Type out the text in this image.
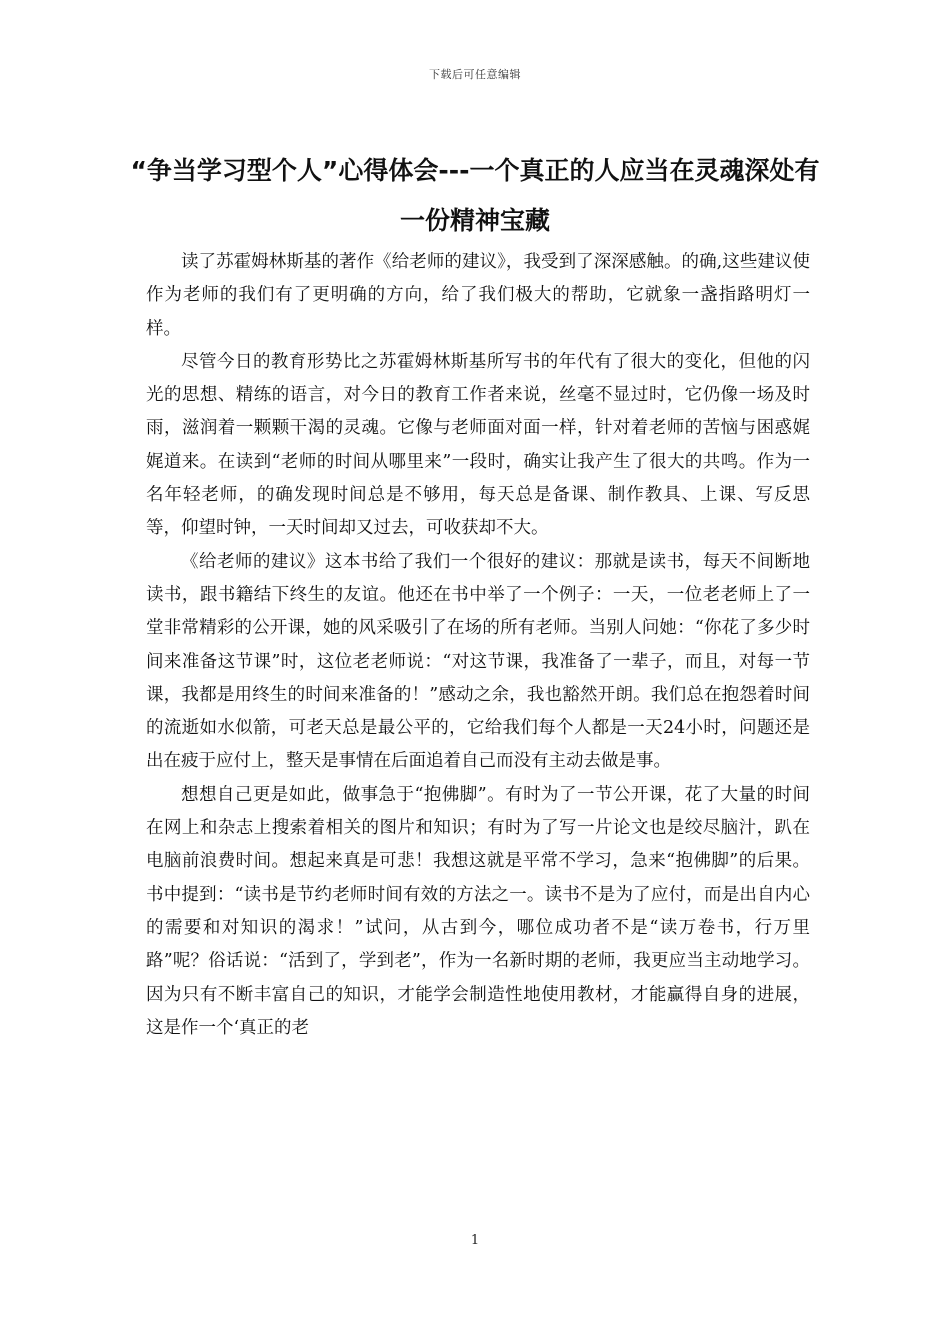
下载后可任意编辑
“争当学习型个人”心得体会---一个真正的人应当在灵魂深处有一份精神宝藏

读了苏霍姆林斯基的著作《给老师的建议》，我受到了深深感触。的确,这些建议使作为老师的我们有了更明确的方向，给了我们极大的帮助，它就象一盏指路明灯一样。

尽管今日的教育形势比之苏霍姆林斯基所写书的年代有了很大的变化，但他的闪光的思想、精练的语言，对今日的教育工作者来说，丝毫不显过时，它仍像一场及时雨，滋润着一颗颗干渴的灵魂。它像与老师面对面一样，针对着老师的苦恼与困惑娓娓道来。在读到“老师的时间从哪里来”一段时，确实让我产生了很大的共鸣。作为一名年轻老师，的确发现时间总是不够用，每天总是备课、制作教具、上课、写反思等，仰望时钟，一天时间却又过去，可收获却不大。

《给老师的建议》这本书给了我们一个很好的建议：那就是读书，每天不间断地读书，跟书籍结下终生的友谊。他还在书中举了一个例子：一天，一位老老师上了一堂非常精彩的公开课，她的风采吸引了在场的所有老师。当别人问她：“你花了多少时间来准备这节课”时，这位老老师说：“对这节课，我准备了一辈子，而且，对每一节课，我都是用终生的时间来准备的！”感动之余，我也豁然开朗。我们总在抱怨着时间的流逝如水似箭，可老天总是最公平的，它给我们每个人都是一天24小时，问题还是出在疲于应付上，整天是事情在后面追着自己而没有主动去做是事。

想想自己更是如此，做事急于“抱佛脚”。有时为了一节公开课，花了大量的时间在网上和杂志上搜索着相关的图片和知识；有时为了写一片论文也是绞尽脑汁，趴在电脑前浪费时间。想起来真是可悲！我想这就是平常不学习，急来“抱佛脚”的后果。书中提到：“读书是节约老师时间有效的方法之一。读书不是为了应付，而是出自内心的需要和对知识的渴求！”试问，从古到今，哪位成功者不是“读万卷书，行万里路”呢？俗话说：“活到了，学到老”，作为一名新时期的老师，我更应当主动地学习。因为只有不断丰富自己的知识，才能学会制造性地使用教材，才能赢得自身的进展，这是作一个‘真正的老

1
